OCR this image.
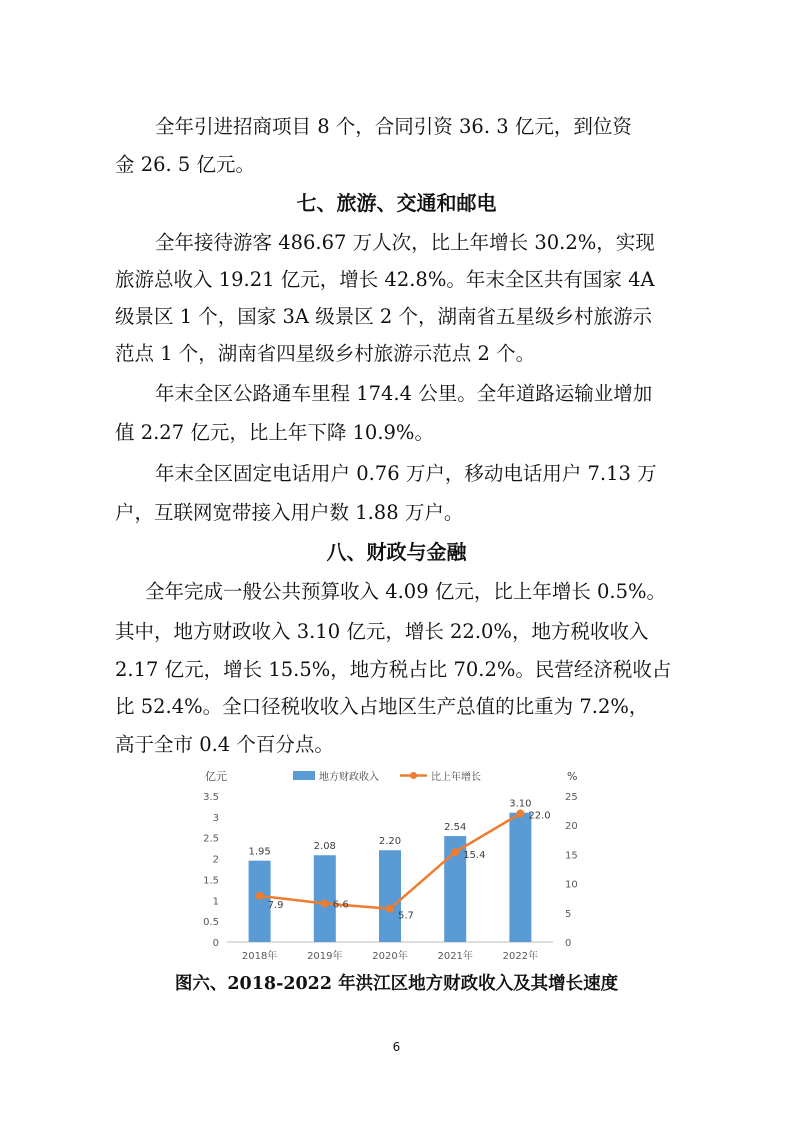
全年引进招商项目 8 个，合同引资 36. 3 亿元，到位资
金 26. 5 亿元。
七、旅游、交通和邮电
全年接待游客 486.67 万人次，比上年增长 30.2%，实现
旅游总收入 19.21 亿元，增长 42.8%。年末全区共有国家 4A
级景区 1 个，国家 3A 级景区 2 个，湖南省五星级乡村旅游示
范点 1 个，湖南省四星级乡村旅游示范点 2 个。
年末全区公路通车里程 174.4 公里。全年道路运输业增加
值 2.27 亿元，比上年下降 10.9%。
年末全区固定电话用户 0.76 万户，移动电话用户 7.13 万
户，互联网宽带接入用户数 1.88 万户。
八、财政与金融
全年完成一般公共预算收入 4.09 亿元，比上年增长 0.5%。
其中，地方财政收入 3.10 亿元，增长 22.0%，地方税收收入
2.17 亿元，增长 15.5%，地方税占比 70.2%。民营经济税收占
比 52.4%。全口径税收收入占地区生产总值的比重为 7.2%，
高于全市 0.4 个百分点。
亿元	%
地方财政收入	比上年增长
0
0.5
1
1.5
2
2.5
3
3.5
0
5
10
15
20
25
2018年	2019年	2020年	2021年	2022年
1.95	2.08	2.20
2.54
3.10
7.9	6.6
5.7
15.4
22.0
图六、2018-2022 年洪江区地方财政收入及其增长速度
6
